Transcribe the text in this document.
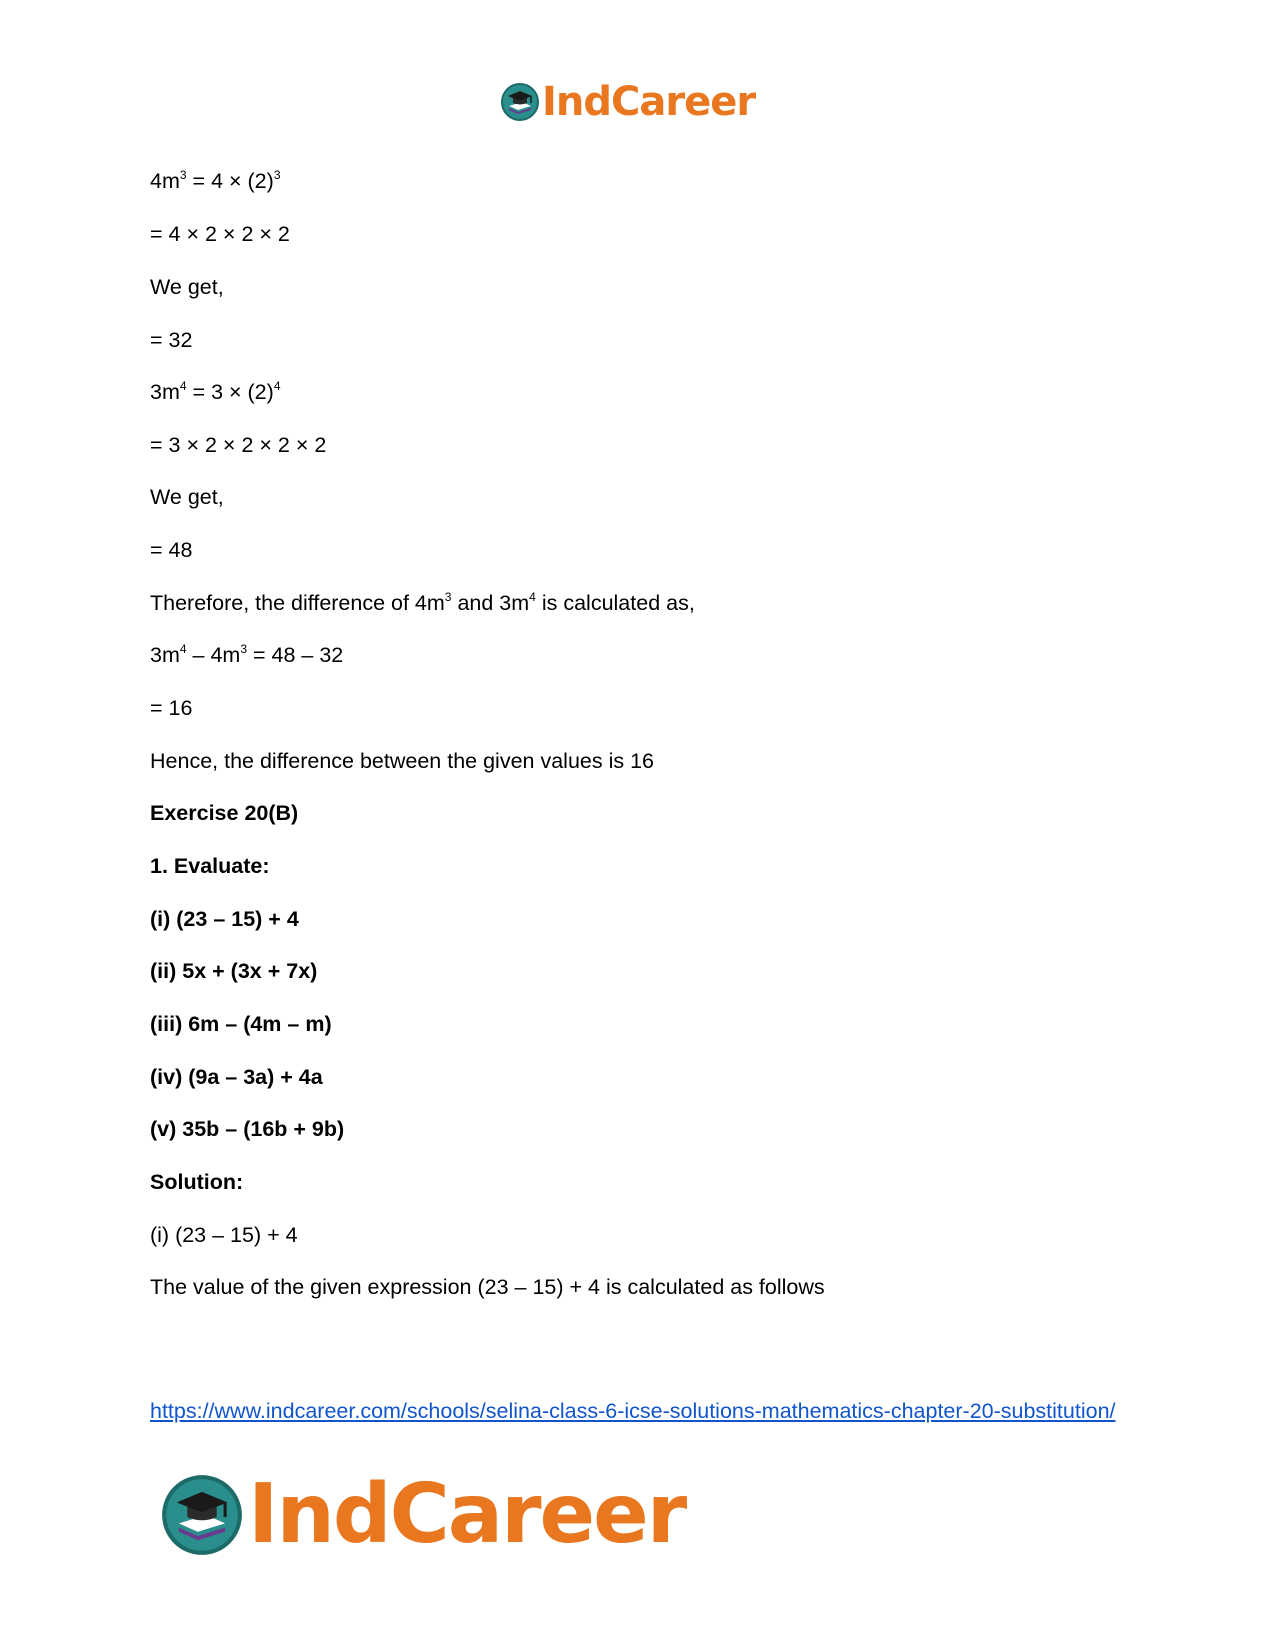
IndCareer
$4m^3 = 4 \times (2)^3$
= 4 × 2 × 2 × 2
We get,
= 32
$3m^4 = 3 \times (2)^4$
= 3 × 2 × 2 × 2 × 2
We get,
= 48
Therefore, the difference of $4m^3$ and $3m^4$ is calculated as,
$3m^4 - 4m^3 = 48 - 32$
= 16
Hence, the difference between the given values is 16
Exercise 20(B)
1. Evaluate:
(i) (23 – 15) + 4
(ii) 5x + (3x + 7x)
(iii) 6m – (4m – m)
(iv) (9a – 3a) + 4a
(v) 35b – (16b + 9b)
Solution:
(i) (23 – 15) + 4
The value of the given expression (23 – 15) + 4 is calculated as follows
https://www.indcareer.com/schools/selina-class-6-icse-solutions-mathematics-chapter-20-substitution/
IndCareer
